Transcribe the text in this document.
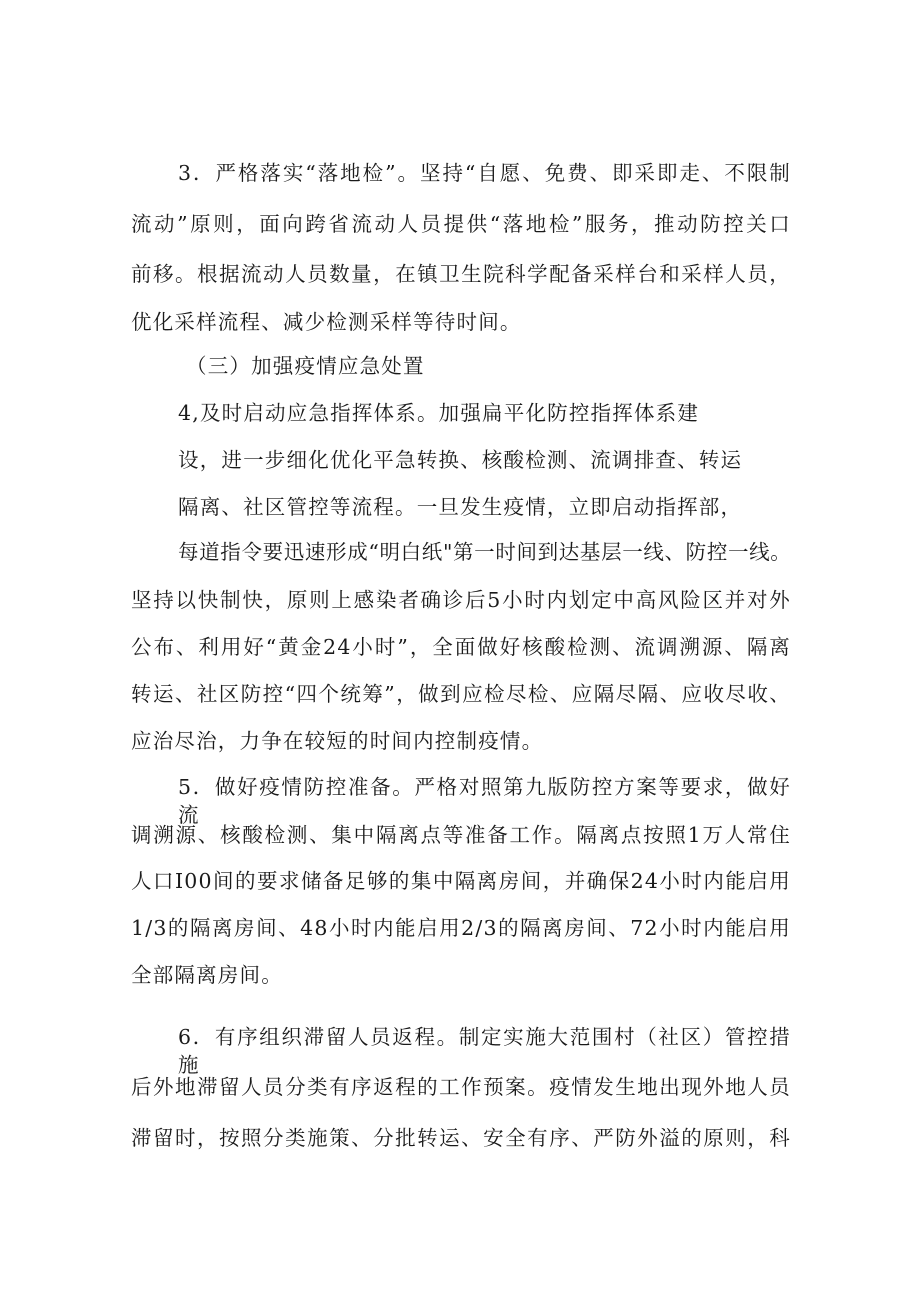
3．严格落实“落地检”。坚持“自愿、免费、即采即走、不限制
流动”原则，面向跨省流动人员提供“落地检”服务，推动防控关口
前移。根据流动人员数量，在镇卫生院科学配备采样台和采样人员，
优化采样流程、减少检测采样等待时间。
（三）加强疫情应急处置
4,及时启动应急指挥体系。加强扁平化防控指挥体系建
设，进一步细化优化平急转换、核酸检测、流调排查、转运
隔离、社区管控等流程。一旦发生疫情，立即启动指挥部，
每道指令要迅速形成“明白纸"第一时间到达基层一线、防控一线。
坚持以快制快，原则上感染者确诊后5小时内划定中高风险区并对外
公布、利用好“黄金24小时”，全面做好核酸检测、流调溯源、隔离
转运、社区防控“四个统筹”，做到应检尽检、应隔尽隔、应收尽收、
应治尽治，力争在较短的时间内控制疫情。
5．做好疫情防控准备。严格对照第九版防控方案等要求，做好流
调溯源、核酸检测、集中隔离点等准备工作。隔离点按照1万人常住
人口I00间的要求储备足够的集中隔离房间，并确保24小时内能启用
1/3的隔离房间、48小时内能启用2/3的隔离房间、72小时内能启用
全部隔离房间。
6．有序组织滞留人员返程。制定实施大范围村（社区）管控措施
后外地滞留人员分类有序返程的工作预案。疫情发生地出现外地人员
滞留时，按照分类施策、分批转运、安全有序、严防外溢的原则，科
